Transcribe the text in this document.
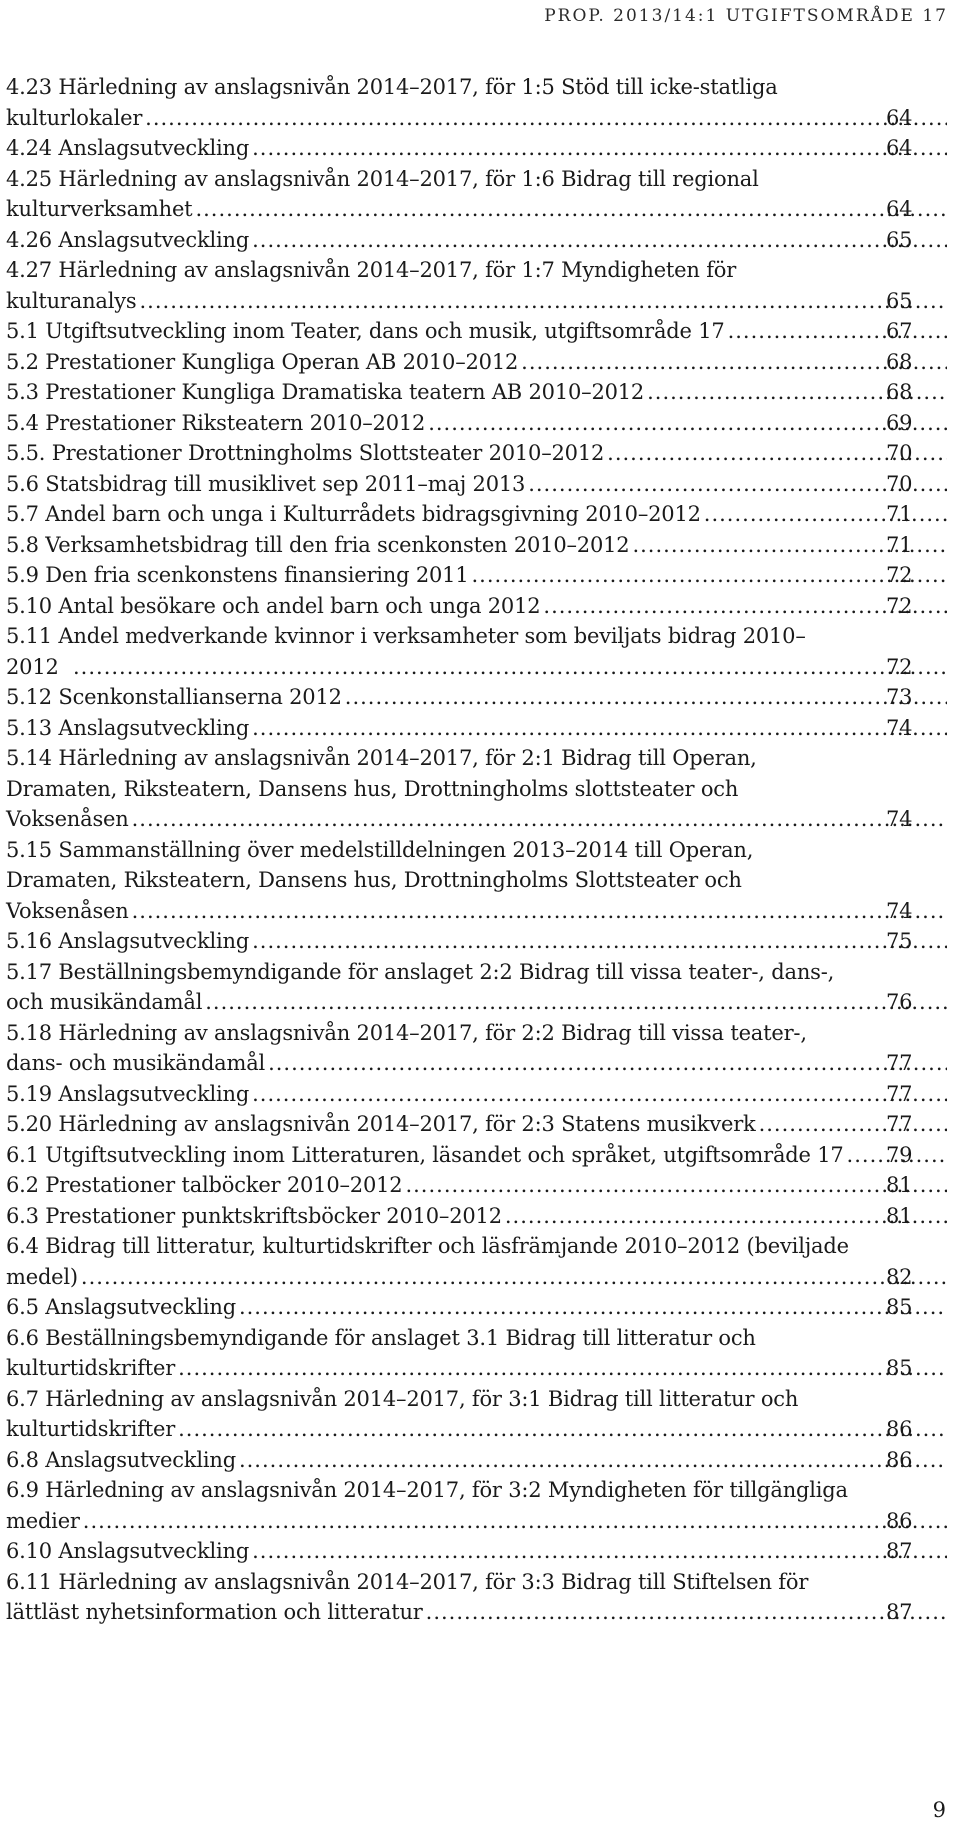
PROP. 2013/14:1 UTGIFTSOMRÅDE 17
4.23 Härledning av anslagsnivån 2014–2017, för 1:5 Stöd till icke-statliga
kulturlokaler .....	64
4.24 Anslagsutveckling .....	64
4.25 Härledning av anslagsnivån 2014–2017, för 1:6 Bidrag till regional
kulturverksamhet .....	64
4.26 Anslagsutveckling .....	65
4.27 Härledning av anslagsnivån 2014–2017, för 1:7 Myndigheten för
kulturanalys .....	65
5.1 Utgiftsutveckling inom Teater, dans och musik, utgiftsområde 17 .....	67
5.2 Prestationer Kungliga Operan AB 2010–2012 .....	68
5.3 Prestationer Kungliga Dramatiska teatern AB 2010–2012 .....	68
5.4 Prestationer Riksteatern 2010–2012 .....	69
5.5. Prestationer Drottningholms Slottsteater 2010–2012 .....	70
5.6 Statsbidrag till musiklivet sep 2011–maj 2013 .....	70
5.7 Andel barn och unga i Kulturrådets bidragsgivning 2010–2012 .....	71
5.8 Verksamhetsbidrag till den fria scenkonsten 2010–2012 .....	71
5.9 Den fria scenkonstens finansiering 2011 .....	72
5.10 Antal besökare och andel barn och unga 2012 .....	72
5.11 Andel medverkande kvinnor i verksamheter som beviljats bidrag 2010–
2012 .....	72
5.12 Scenkonstallianserna 2012 .....	73
5.13 Anslagsutveckling .....	74
5.14 Härledning av anslagsnivån 2014–2017, för 2:1 Bidrag till Operan,
Dramaten, Riksteatern, Dansens hus, Drottningholms slottsteater och
Voksenåsen .....	74
5.15 Sammanställning över medelstilldelningen 2013–2014 till Operan,
Dramaten, Riksteatern, Dansens hus, Drottningholms Slottsteater och
Voksenåsen .....	74
5.16 Anslagsutveckling .....	75
5.17 Beställningsbemyndigande för anslaget 2:2 Bidrag till vissa teater-, dans-,
och musikändamål .....	76
5.18 Härledning av anslagsnivån 2014–2017, för 2:2 Bidrag till vissa teater-,
dans- och musikändamål .....	77
5.19 Anslagsutveckling .....	77
5.20 Härledning av anslagsnivån 2014–2017, för 2:3 Statens musikverk .....	77
6.1 Utgiftsutveckling inom Litteraturen, läsandet och språket, utgiftsområde 17 ..... 79
6.2 Prestationer talböcker 2010–2012 .....	81
6.3 Prestationer punktskriftsböcker 2010–2012 .....	81
6.4 Bidrag till litteratur, kulturtidskrifter och läsfrämjande 2010–2012 (beviljade
medel) .....	82
6.5 Anslagsutveckling .....	85
6.6 Beställningsbemyndigande för anslaget 3.1 Bidrag till litteratur och
kulturtidskrifter .....	85
6.7 Härledning av anslagsnivån 2014–2017, för 3:1 Bidrag till litteratur och
kulturtidskrifter .....	86
6.8 Anslagsutveckling .....	86
6.9 Härledning av anslagsnivån 2014–2017, för 3:2 Myndigheten för tillgängliga
medier .....	86
6.10 Anslagsutveckling .....	87
6.11 Härledning av anslagsnivån 2014–2017, för 3:3 Bidrag till Stiftelsen för
lättläst nyhetsinformation och litteratur .....	87
9
